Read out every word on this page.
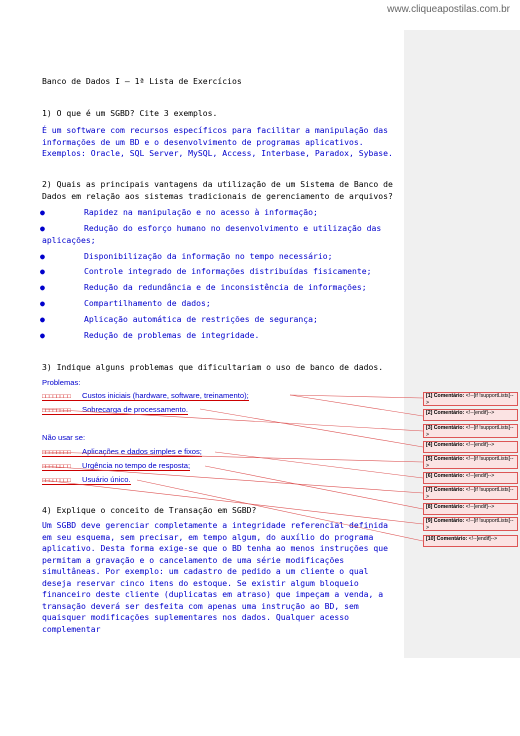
www.cliqueapostilas.com.br
Banco de Dados I – 1ª Lista de Exercícios
1) O que é um SGBD? Cite 3 exemplos.
É um software com recursos específicos para facilitar a manipulação das informações de um BD e o desenvolvimento de programas aplicativos. Exemplos: Oracle, SQL Server, MySQL, Access, Interbase, Paradox, Sybase.
2) Quais as principais vantagens da utilização de um Sistema de Banco de Dados em relação aos sistemas tradicionais de gerenciamento de arquivos?
●	Rapidez na manipulação e no acesso à informação;
●	Redução do esforço humano no desenvolvimento e utilização das
aplicações;
●	Disponibilização da informação no tempo necessário;
●	Controle integrado de informações distribuídas fisicamente;
●	Redução da redundância e de inconsistência de informações;
●	Compartilhamento de dados;
●	Aplicação automática de restrições de segurança;
●	Redução de problemas de integridade.
3) Indique alguns problemas que dificultariam o uso de banco de dados.
Problemas:
□□□□□□□□ Custos iniciais (hardware, software, treinamento);
□□□□□□□□ Sobrecarga de processamento.
Não usar se:
□□□□□□□□ Aplicações e dados simples e fixos;
□□□□□□□□ Urgência no tempo de resposta;
□□□□□□□□ Usuário único.
4) Explique o conceito de Transação em SGBD?
Um SGBD deve gerenciar completamente a integridade referencial definida em seu esquema, sem precisar, em tempo algum, do auxílio do programa aplicativo. Desta forma exige-se que o BD tenha ao menos instruções que permitam a gravação e o cancelamento de uma série modificações simultâneas. Por exemplo: um cadastro de pedido a um cliente o qual deseja reservar cinco itens do estoque. Se existir algum bloqueio financeiro deste cliente (duplicatas em atraso) que impeçam a venda, a transação deverá ser desfeita com apenas uma instrução ao BD, sem quaisquer modificações suplementares nos dados. Qualquer acesso complementar
[1] Comentário: <!--[if !supportLists]-->
[2] Comentário: <!--[endif]-->
[3] Comentário: <!--[if !supportLists]-->
[4] Comentário: <!--[endif]-->
[5] Comentário: <!--[if !supportLists]-->
[6] Comentário: <!--[endif]-->
[7] Comentário: <!--[if !supportLists]-->
[8] Comentário: <!--[endif]-->
[9] Comentário: <!--[if !supportLists]-->
[10] Comentário: <!--[endif]-->
